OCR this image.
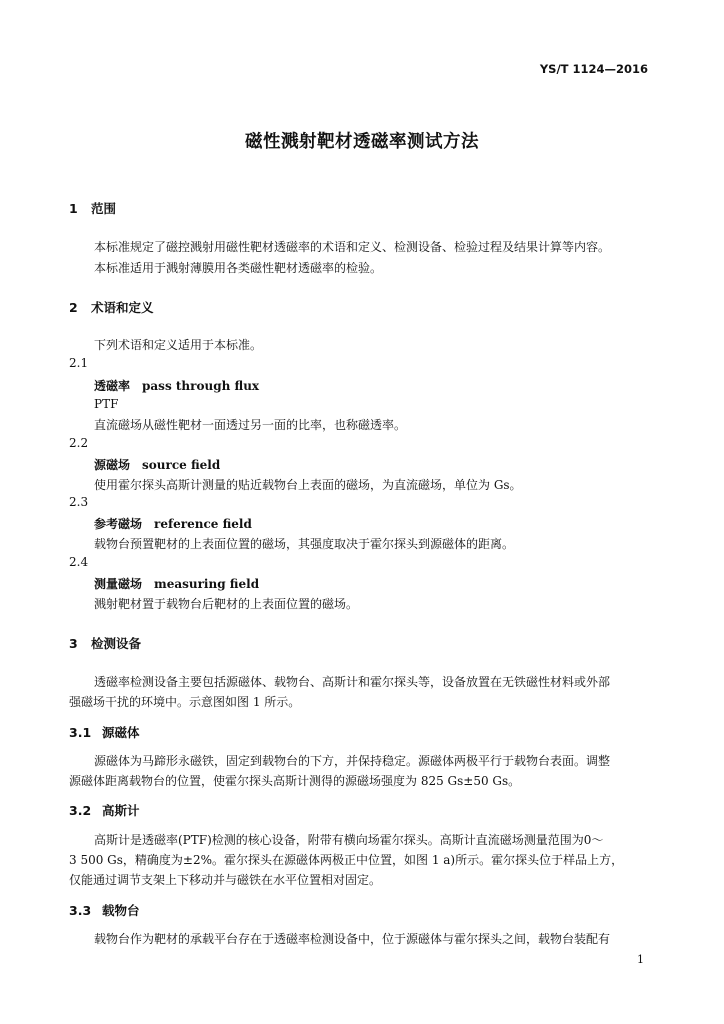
YS/T 1124—2016
磁性溅射靶材透磁率测试方法
1 范围
本标准规定了磁控溅射用磁性靶材透磁率的术语和定义、检测设备、检验过程及结果计算等内容。
本标准适用于溅射薄膜用各类磁性靶材透磁率的检验。
2 术语和定义
下列术语和定义适用于本标准。
2.1
透磁率 pass through flux
PTF
直流磁场从磁性靶材一面透过另一面的比率，也称磁透率。
2.2
源磁场 source field
使用霍尔探头高斯计测量的贴近载物台上表面的磁场，为直流磁场，单位为 Gs。
2.3
参考磁场 reference field
载物台预置靶材的上表面位置的磁场，其强度取决于霍尔探头到源磁体的距离。
2.4
测量磁场 measuring field
溅射靶材置于载物台后靶材的上表面位置的磁场。
3 检测设备
透磁率检测设备主要包括源磁体、载物台、高斯计和霍尔探头等，设备放置在无铁磁性材料或外部
强磁场干扰的环境中。示意图如图 1 所示。
3.1 源磁体
源磁体为马蹄形永磁铁，固定到载物台的下方，并保持稳定。源磁体两极平行于载物台表面。调整
源磁体距离载物台的位置，使霍尔探头高斯计测得的源磁场强度为 825 Gs±50 Gs。
3.2 高斯计
高斯计是透磁率(PTF)检测的核心设备，附带有横向场霍尔探头。高斯计直流磁场测量范围为0～
3 500 Gs，精确度为±2%。霍尔探头在源磁体两极正中位置，如图 1 a)所示。霍尔探头位于样品上方，
仅能通过调节支架上下移动并与磁铁在水平位置相对固定。
3.3 载物台
载物台作为靶材的承载平台存在于透磁率检测设备中，位于源磁体与霍尔探头之间，载物台装配有
1
